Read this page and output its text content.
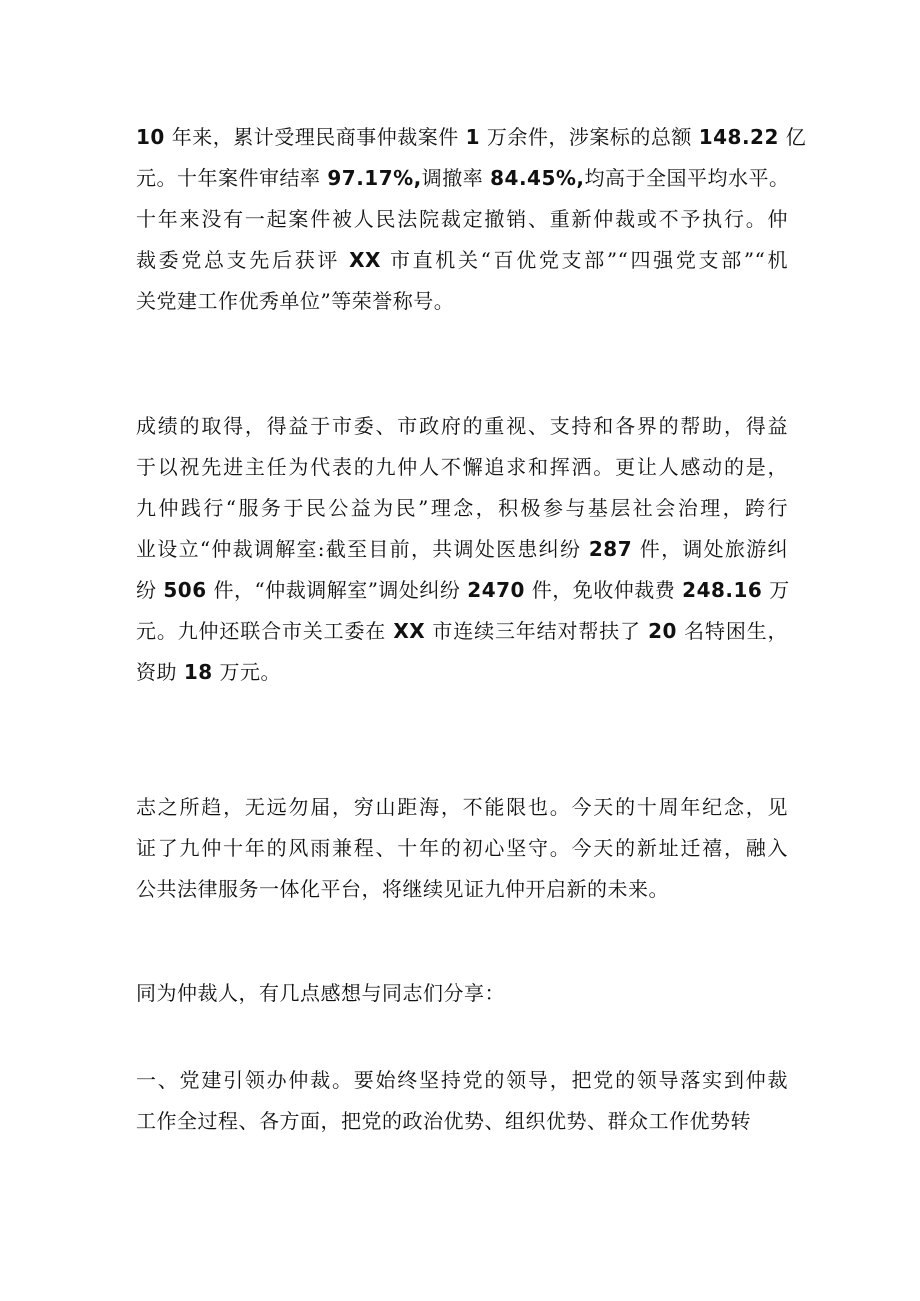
10 年来，累计受理民商事仲裁案件 1 万余件，涉案标的总额 148.22 亿
元。十年案件审结率 97.17%,调撤率 84.45%,均高于全国平均水平。
十年来没有一起案件被人民法院裁定撤销、重新仲裁或不予执行。仲
裁委党总支先后获评 XX 市直机关“百优党支部”“四强党支部”“机
关党建工作优秀单位”等荣誉称号。
成绩的取得，得益于市委、市政府的重视、支持和各界的帮助，得益
于以祝先进主任为代表的九仲人不懈追求和挥洒。更让人感动的是，
九仲践行“服务于民公益为民”理念，积极参与基层社会治理，跨行
业设立“仲裁调解室:截至目前，共调处医患纠纷 287 件，调处旅游纠
纷 506 件，“仲裁调解室”调处纠纷 2470 件，免收仲裁费 248.16 万
元。九仲还联合市关工委在 XX 市连续三年结对帮扶了 20 名特困生，
资助 18 万元。
志之所趋，无远勿届，穷山距海，不能限也。今天的十周年纪念，见
证了九仲十年的风雨兼程、十年的初心坚守。今天的新址迁禧，融入
公共法律服务一体化平台，将继续见证九仲开启新的未来。
同为仲裁人，有几点感想与同志们分享：
一、党建引领办仲裁。要始终坚持党的领导，把党的领导落实到仲裁
工作全过程、各方面，把党的政治优势、组织优势、群众工作优势转
